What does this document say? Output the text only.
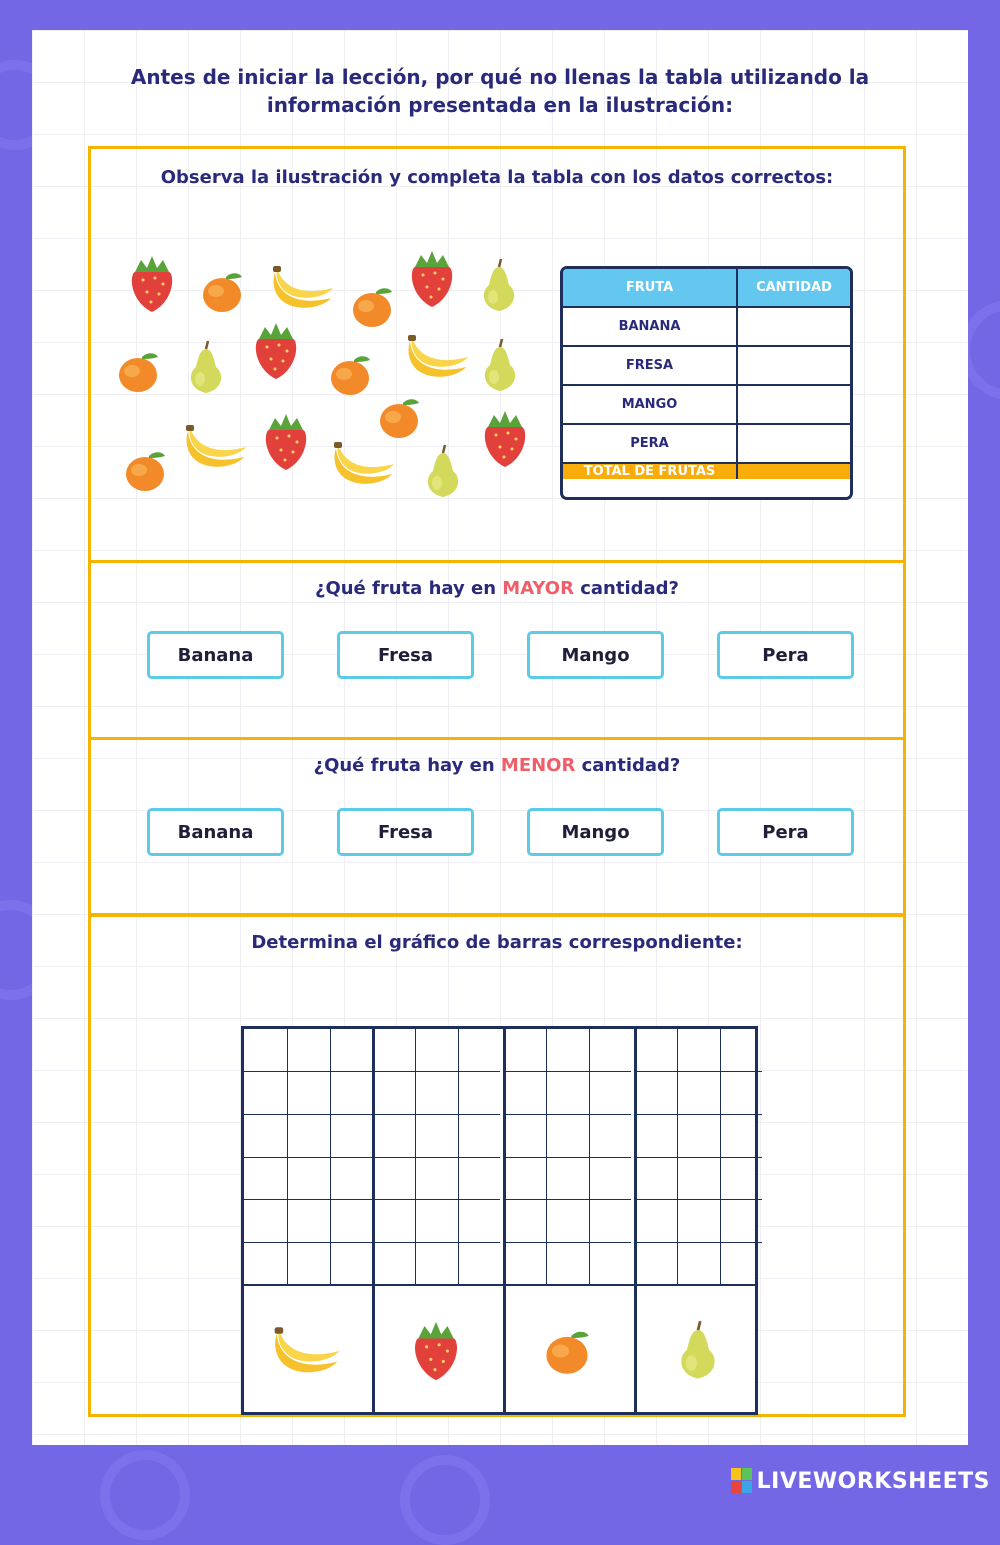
Antes de iniciar la lección, por qué no llenas la tabla utilizando la
información presentada en la ilustración:
Observa la ilustración y completa la tabla con los datos correctos:
FRUTA	CANTIDAD
BANANA
FRESA
MANGO
PERA
TOTAL DE FRUTAS
¿Qué fruta hay en MAYOR cantidad?
Banana	Fresa	Mango	Pera
¿Qué fruta hay en MENOR cantidad?
Banana	Fresa	Mango	Pera
Determina el gráfico de barras correspondiente:
LIVEWORKSHEETS
